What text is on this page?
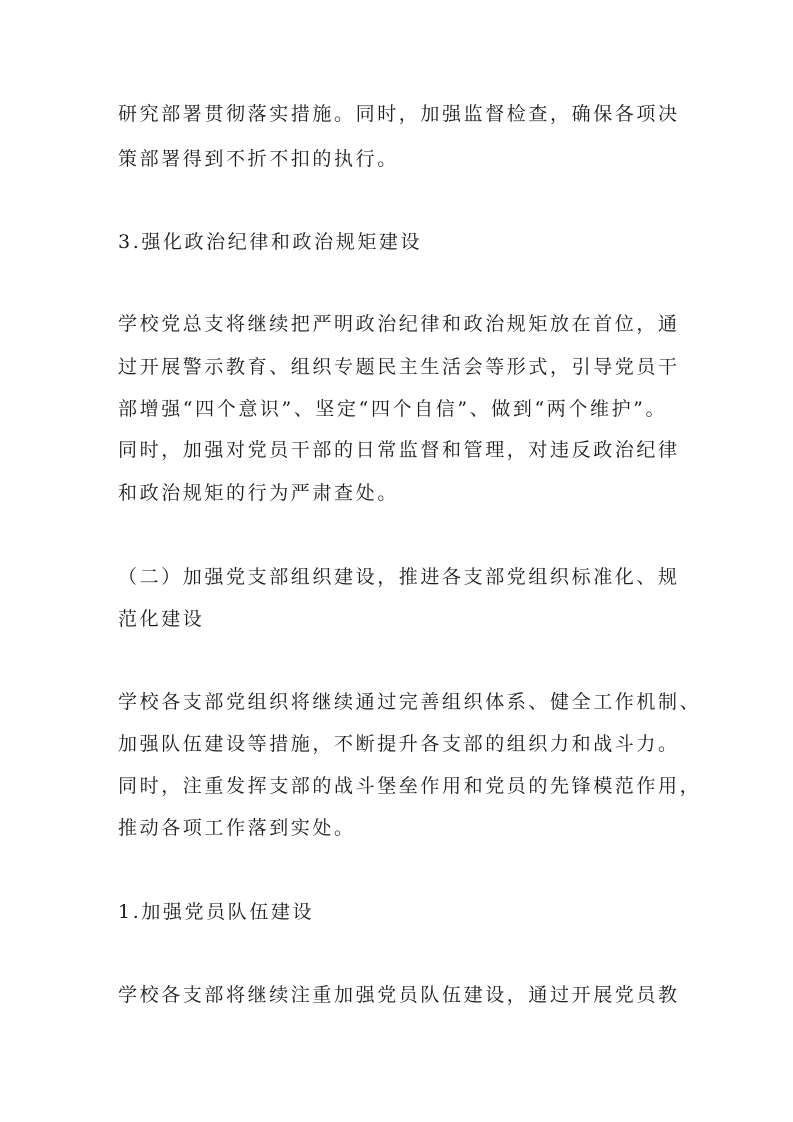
研究部署贯彻落实措施。同时，加强监督检查，确保各项决

策部署得到不折不扣的执行。

3.强化政治纪律和政治规矩建设

学校党总支将继续把严明政治纪律和政治规矩放在首位，通

过开展警示教育、组织专题民主生活会等形式，引导党员干

部增强“四个意识”、坚定“四个自信”、做到“两个维护”。

同时，加强对党员干部的日常监督和管理，对违反政治纪律

和政治规矩的行为严肃查处。

（二）加强党支部组织建设，推进各支部党组织标准化、规

范化建设

学校各支部党组织将继续通过完善组织体系、健全工作机制、

加强队伍建设等措施，不断提升各支部的组织力和战斗力。

同时，注重发挥支部的战斗堡垒作用和党员的先锋模范作用，

推动各项工作落到实处。

1.加强党员队伍建设

学校各支部将继续注重加强党员队伍建设，通过开展党员教
